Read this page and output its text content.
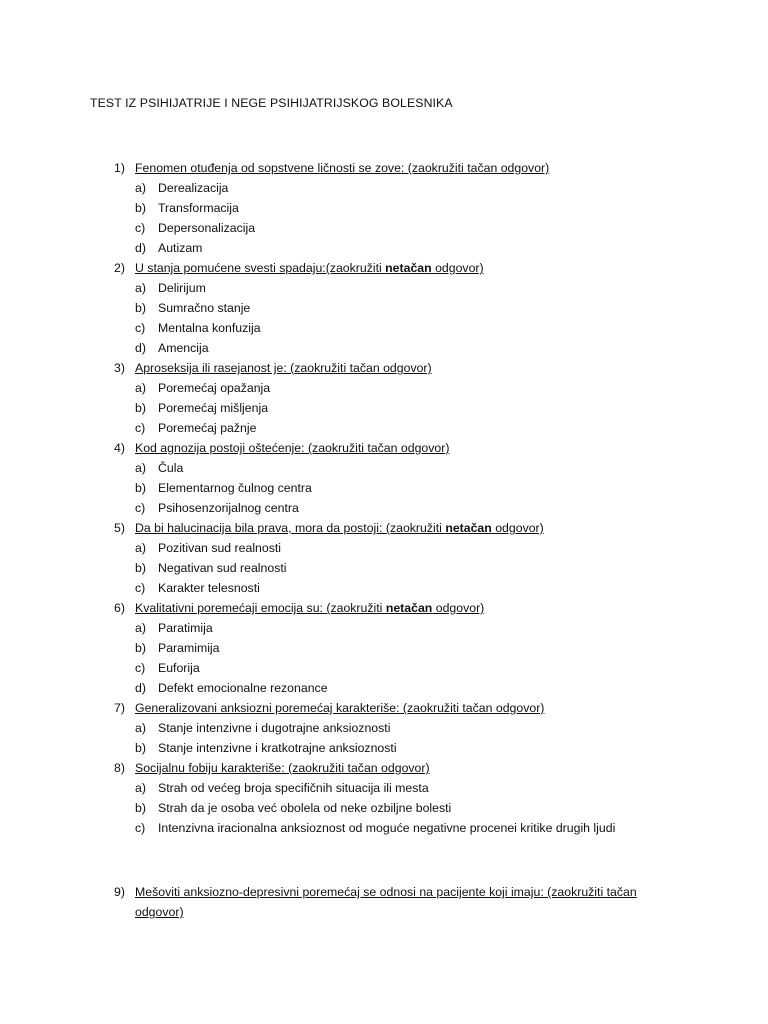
TEST IZ PSIHIJATRIJE I NEGE PSIHIJATRIJSKOG BOLESNIKA
1) Fenomen otuđenja od sopstvene ličnosti se zove: (zaokružiti tačan odgovor)
a) Derealizacija
b) Transformacija
c) Depersonalizacija
d) Autizam
2) U stanja pomućene svesti spadaju:(zaokružiti netačan odgovor)
a) Delirijum
b) Sumračno stanje
c) Mentalna konfuzija
d) Amencija
3) Aproseksija ili rasejanost je: (zaokružiti tačan odgovor)
a) Poremećaj opažanja
b) Poremećaj mišljenja
c) Poremećaj pažnje
4) Kod agnozija postoji oštećenje: (zaokružiti tačan odgovor)
a) Čula
b) Elementarnog čulnog centra
c) Psihosenzorijalnog centra
5) Da bi halucinacija bila prava, mora da postoji: (zaokružiti netačan odgovor)
a) Pozitivan sud realnosti
b) Negativan sud realnosti
c) Karakter telesnosti
6) Kvalitativni poremećaji emocija su: (zaokružiti netačan odgovor)
a) Paratimija
b) Paramimija
c) Euforija
d) Defekt emocionalne rezonance
7) Generalizovani anksiozni poremećaj karakteriše: (zaokružiti tačan odgovor)
a) Stanje intenzivne i dugotrajne anksioznosti
b) Stanje intenzivne i kratkotrajne anksioznosti
8) Socijalnu fobiju karakteriše: (zaokružiti tačan odgovor)
a) Strah od većeg broja specifičnih situacija ili mesta
b) Strah da je osoba već obolela od neke ozbiljne bolesti
c) Intenzivna iracionalna anksioznost od moguće negativne procenei kritike drugih ljudi
9) Mešoviti anksiozno-depresivni poremećaj se odnosi na pacijente koji imaju: (zaokružiti tačan odgovor)
